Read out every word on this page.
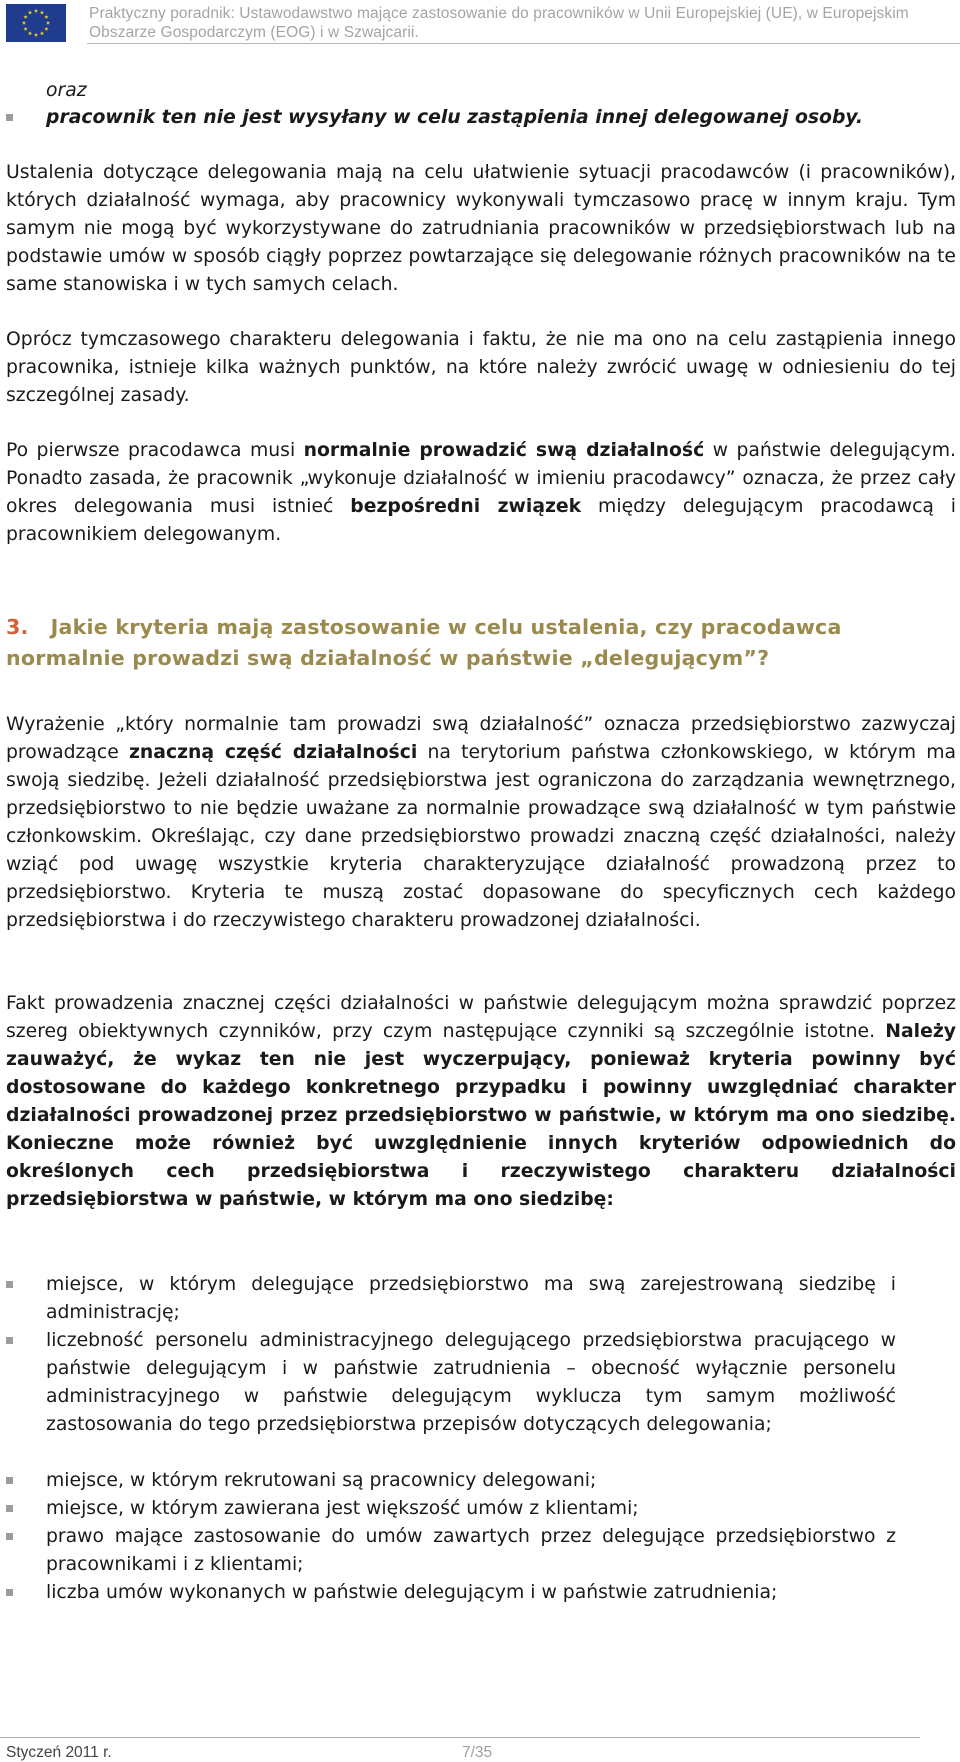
Praktyczny poradnik: Ustawodawstwo mające zastosowanie do pracowników w Unii Europejskiej (UE), w Europejskim Obszarze Gospodarczym (EOG) i w Szwajcarii.
oraz
pracownik ten nie jest wysyłany w celu zastąpienia innej delegowanej osoby.
Ustalenia dotyczące delegowania mają na celu ułatwienie sytuacji pracodawców (i pracowników), których działalność wymaga, aby pracownicy wykonywali tymczasowo pracę w innym kraju. Tym samym nie mogą być wykorzystywane do zatrudniania pracowników w przedsiębiorstwach lub na podstawie umów w sposób ciągły poprzez powtarzające się delegowanie różnych pracowników na te same stanowiska i w tych samych celach.
Oprócz tymczasowego charakteru delegowania i faktu, że nie ma ono na celu zastąpienia innego pracownika, istnieje kilka ważnych punktów, na które należy zwrócić uwagę w odniesieniu do tej szczególnej zasady.
Po pierwsze pracodawca musi normalnie prowadzić swą działalność w państwie delegującym. Ponadto zasada, że pracownik „wykonuje działalność w imieniu pracodawcy” oznacza, że przez cały okres delegowania musi istnieć bezpośredni związek między delegującym pracodawcą i pracownikiem delegowanym.
3. Jakie kryteria mają zastosowanie w celu ustalenia, czy pracodawca normalnie prowadzi swą działalność w państwie „delegującym”?
Wyrażenie „który normalnie tam prowadzi swą działalność” oznacza przedsiębiorstwo zazwyczaj prowadzące znaczną część działalności na terytorium państwa członkowskiego, w którym ma swoją siedzibę. Jeżeli działalność przedsiębiorstwa jest ograniczona do zarządzania wewnętrznego, przedsiębiorstwo to nie będzie uważane za normalnie prowadzące swą działalność w tym państwie członkowskim. Określając, czy dane przedsiębiorstwo prowadzi znaczną część działalności, należy wziąć pod uwagę wszystkie kryteria charakteryzujące działalność prowadzoną przez to przedsiębiorstwo. Kryteria te muszą zostać dopasowane do specyficznych cech każdego przedsiębiorstwa i do rzeczywistego charakteru prowadzonej działalności.
Fakt prowadzenia znacznej części działalności w państwie delegującym można sprawdzić poprzez szereg obiektywnych czynników, przy czym następujące czynniki są szczególnie istotne. Należy zauważyć, że wykaz ten nie jest wyczerpujący, ponieważ kryteria powinny być dostosowane do każdego konkretnego przypadku i powinny uwzględniać charakter działalności prowadzonej przez przedsiębiorstwo w państwie, w którym ma ono siedzibę. Konieczne może również być uwzględnienie innych kryteriów odpowiednich do określonych cech przedsiębiorstwa i rzeczywistego charakteru działalności przedsiębiorstwa w państwie, w którym ma ono siedzibę:
miejsce, w którym delegujące przedsiębiorstwo ma swą zarejestrowaną siedzibę i administrację;
liczebność personelu administracyjnego delegującego przedsiębiorstwa pracującego w państwie delegującym i w państwie zatrudnienia – obecność wyłącznie personelu administracyjnego w państwie delegującym wyklucza tym samym możliwość zastosowania do tego przedsiębiorstwa przepisów dotyczących delegowania;
miejsce, w którym rekrutowani są pracownicy delegowani;
miejsce, w którym zawierana jest większość umów z klientami;
prawo mające zastosowanie do umów zawartych przez delegujące przedsiębiorstwo z pracownikami i z klientami;
liczba umów wykonanych w państwie delegującym i w państwie zatrudnienia;
Styczeń 2011 r.	7/35
